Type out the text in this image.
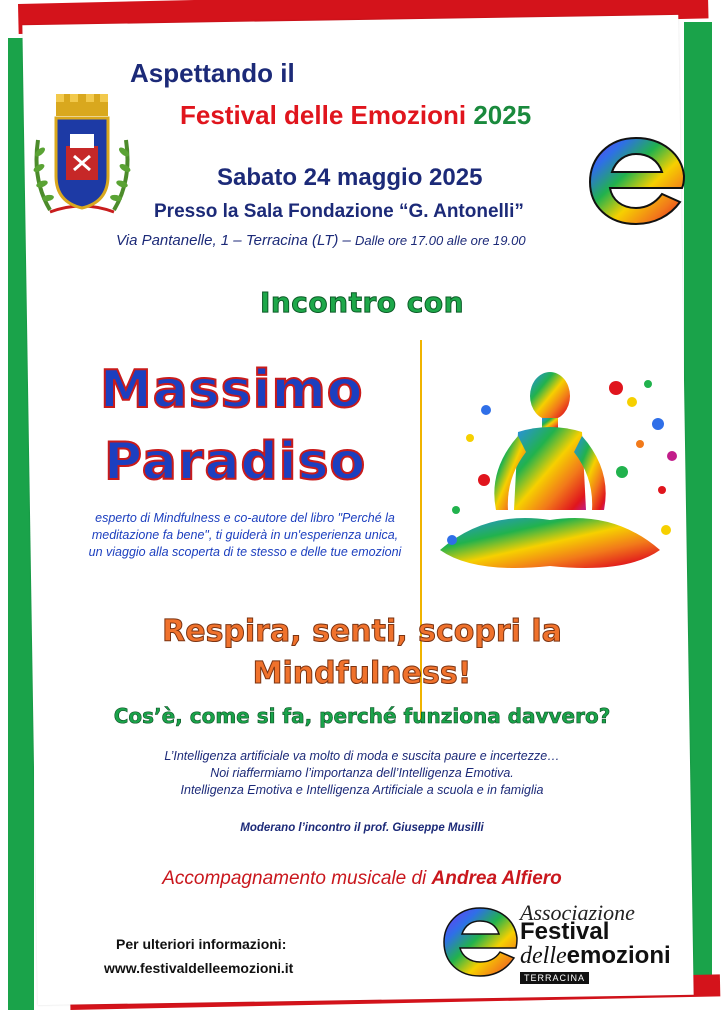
Aspettando il
Festival delle Emozioni 2025
Sabato 24 maggio 2025
Presso la Sala Fondazione “G. Antonelli”
Via Pantanelle, 1 – Terracina (LT) – Dalle ore 17.00 alle ore 19.00
Incontro con
Massimo
Paradiso
esperto di Mindfulness e co-autore del libro "Perché la
meditazione fa bene", ti guiderà in un'esperienza unica,
un viaggio alla scoperta di te stesso e delle tue emozioni
Respira, senti, scopri la
Mindfulness!
Cos’è, come si fa, perché funziona davvero?
L’Intelligenza artificiale va molto di moda e suscita paure e incertezze…
Noi riaffermiamo l’importanza dell’Intelligenza Emotiva.
Intelligenza Emotiva e Intelligenza Artificiale a scuola e in famiglia
Moderano l’incontro il prof. Giuseppe Musilli
Accompagnamento musicale di Andrea Alfiero
Per ulteriori informazioni:
www.festivaldelleemozioni.it
Associazione
Festival
delleemozioni
TERRACINA
